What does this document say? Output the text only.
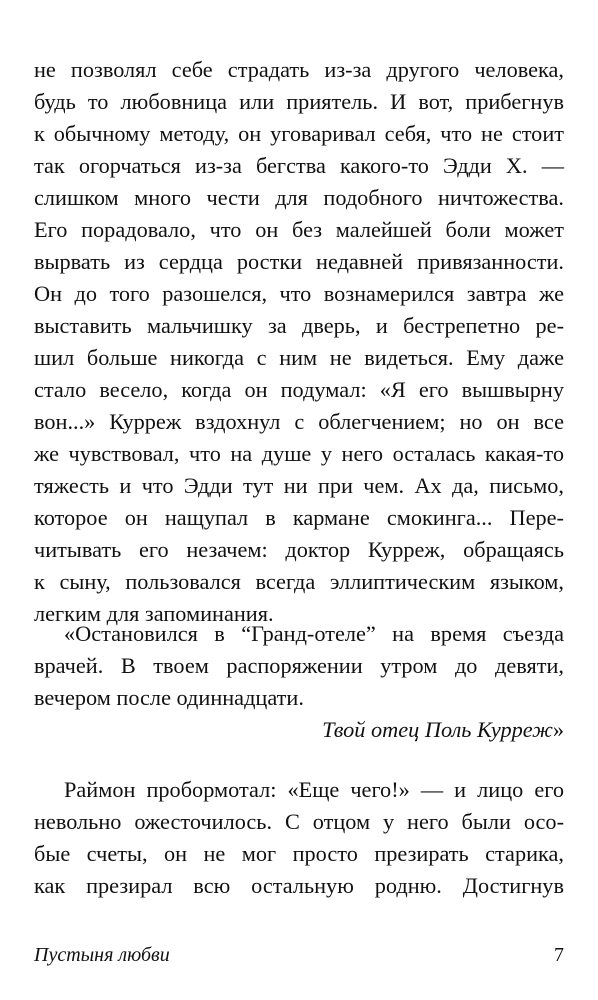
не позволял себе страдать из-за другого человека,
будь то любовница или приятель. И вот, прибегнув
к обычному методу, он уговаривал себя, что не стоит
так огорчаться из-за бегства какого-то Эдди Х. —
слишком много чести для подобного ничтожества.
Его порадовало, что он без малейшей боли может
вырвать из сердца ростки недавней привязанности.
Он до того разошелся, что вознамерился завтра же
выставить мальчишку за дверь, и бестрепетно ре-
шил больше никогда с ним не видеться. Ему даже
стало весело, когда он подумал: «Я его вышвырну
вон...» Курреж вздохнул с облегчением; но он все
же чувствовал, что на душе у него осталась какая-то
тяжесть и что Эдди тут ни при чем. Ах да, письмо,
которое он нащупал в кармане смокинга... Пере-
читывать его незачем: доктор Курреж, обращаясь
к сыну, пользовался всегда эллиптическим языком,
легким для запоминания.
«Остановился в “Гранд-отеле” на время съезда
врачей. В твоем распоряжении утром до девяти,
вечером после одиннадцати.
Твой отец Поль Курреж»
Раймон пробормотал: «Еще чего!» — и лицо его
невольно ожесточилось. С отцом у него были осо-
бые счеты, он не мог просто презирать старика,
как презирал всю остальную родню. Достигнув
Пустыня любви	7
